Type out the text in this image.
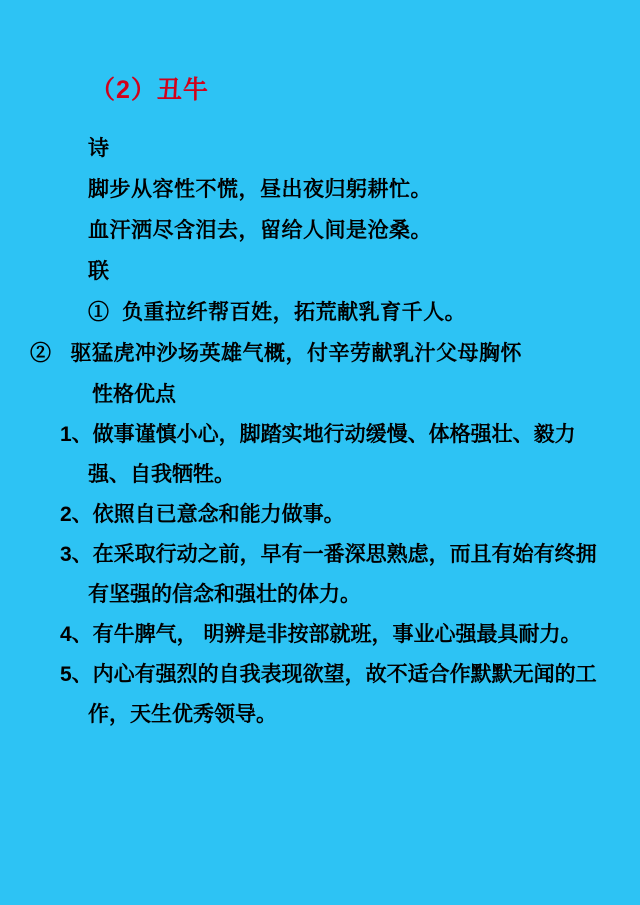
（2）丑牛

诗

脚步从容性不慌，昼出夜归躬耕忙。

血汗洒尽含泪去，留给人间是沧桑。

联

①  负重拉纤帮百姓，拓荒献乳育千人。

②   驱猛虎冲沙场英雄气概，付辛劳献乳汁父母胸怀

性格优点

1、做事谨慎小心，脚踏实地行动缓慢、体格强壮、毅力强、自我牺牲。

2、依照自已意念和能力做事。

3、在采取行动之前，早有一番深思熟虑，而且有始有终拥有坚强的信念和强壮的体力。

4、有牛脾气， 明辨是非按部就班，事业心强最具耐力。

5、内心有强烈的自我表现欲望，故不适合作默默无闻的工作，天生优秀领导。
